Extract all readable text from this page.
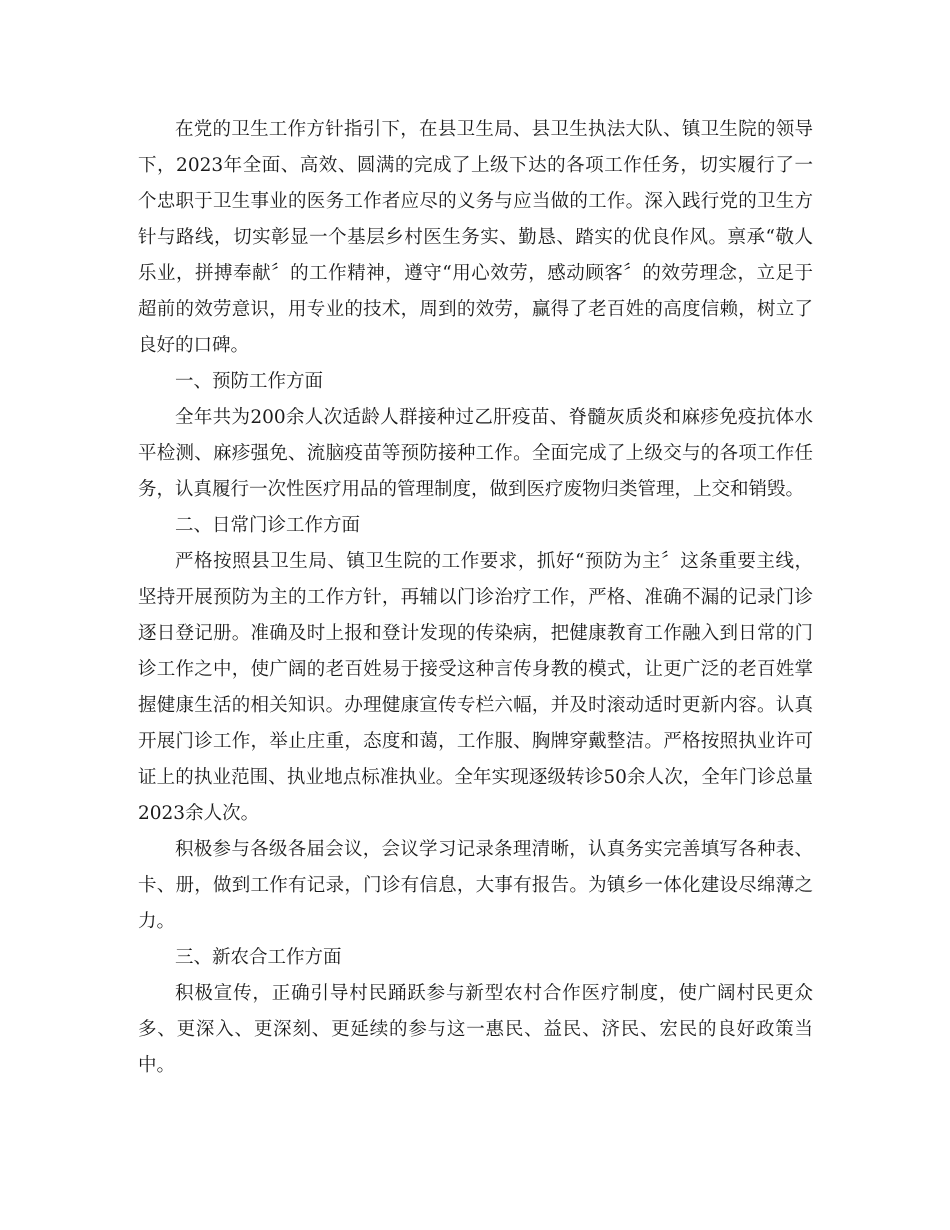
在党的卫生工作方针指引下，在县卫生局、县卫生执法大队、镇卫生院的领导下，2023年全面、高效、圆满的完成了上级下达的各项工作任务，切实履行了一个忠职于卫生事业的医务工作者应尽的义务与应当做的工作。深入践行党的卫生方针与路线，切实彰显一个基层乡村医生务实、勤恳、踏实的优良作风。禀承“敬人乐业，拼搏奉献〞的工作精神，遵守“用心效劳，感动顾客〞的效劳理念，立足于超前的效劳意识，用专业的技术，周到的效劳，赢得了老百姓的高度信赖，树立了良好的口碑。

一、预防工作方面

全年共为200余人次适龄人群接种过乙肝疫苗、脊髓灰质炎和麻疹免疫抗体水平检测、麻疹强免、流脑疫苗等预防接种工作。全面完成了上级交与的各项工作任务，认真履行一次性医疗用品的管理制度，做到医疗废物归类管理，上交和销毁。

二、日常门诊工作方面

严格按照县卫生局、镇卫生院的工作要求，抓好“预防为主〞这条重要主线，坚持开展预防为主的工作方针，再辅以门诊治疗工作，严格、准确不漏的记录门诊逐日登记册。准确及时上报和登计发现的传染病，把健康教育工作融入到日常的门诊工作之中，使广阔的老百姓易于接受这种言传身教的模式，让更广泛的老百姓掌握健康生活的相关知识。办理健康宣传专栏六幅，并及时滚动适时更新内容。认真开展门诊工作，举止庄重，态度和蔼，工作服、胸牌穿戴整洁。严格按照执业许可证上的执业范围、执业地点标准执业。全年实现逐级转诊50余人次，全年门诊总量2023余人次。

积极参与各级各届会议，会议学习记录条理清晰，认真务实完善填写各种表、卡、册，做到工作有记录，门诊有信息，大事有报告。为镇乡一体化建设尽绵薄之力。

三、新农合工作方面

积极宣传，正确引导村民踊跃参与新型农村合作医疗制度，使广阔村民更众多、更深入、更深刻、更延续的参与这一惠民、益民、济民、宏民的良好政策当中。
